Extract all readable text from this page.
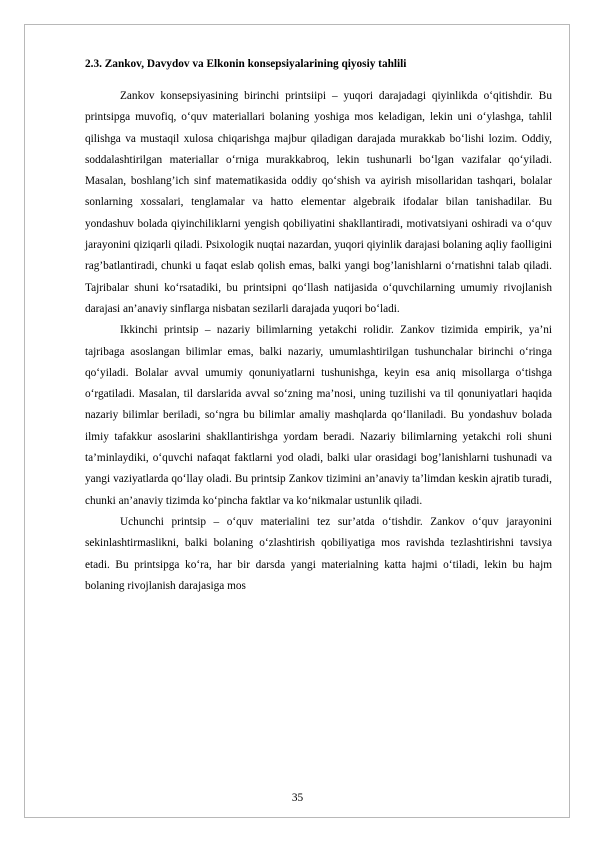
2.3. Zankov, Davydov va Elkonin konsepsiyalarining qiyosiy tahlili

Zankov konsepsiyasining birinchi printsiipi – yuqori darajadagi qiyinlikda o‘qitishdir. Bu printsipga muvofiq, o‘quv materiallari bolaning yoshiga mos keladigan, lekin uni o‘ylashga, tahlil qilishga va mustaqil xulosa chiqarishga majbur qiladigan darajada murakkab bo‘lishi lozim. Oddiy, soddalashtirilgan materiallar o‘rniga murakkabroq, lekin tushunarli bo‘lgan vazifalar qo‘yiladi. Masalan, boshlang’ich sinf matematikasida oddiy qo‘shish va ayirish misollaridan tashqari, bolalar sonlarning xossalari, tenglamalar va hatto elementar algebraik ifodalar bilan tanishadilar. Bu yondashuv bolada qiyinchiliklarni yengish qobiliyatini shakllantiradi, motivatsiyani oshiradi va o‘quv jarayonini qiziqarli qiladi. Psixologik nuqtai nazardan, yuqori qiyinlik darajasi bolaning aqliy faolligini rag’batlantiradi, chunki u faqat eslab qolish emas, balki yangi bog’lanishlarni o‘rnatishni talab qiladi. Tajribalar shuni ko‘rsatadiki, bu printsipni qo‘llash natijasida o‘quvchilarning umumiy rivojlanish darajasi an’anaviy sinflarga nisbatan sezilarli darajada yuqori bo‘ladi.

Ikkinchi printsip – nazariy bilimlarning yetakchi rolidir. Zankov tizimida empirik, ya’ni tajribaga asoslangan bilimlar emas, balki nazariy, umumlashtirilgan tushunchalar birinchi o‘ringa qo‘yiladi. Bolalar avval umumiy qonuniyatlarni tushunishga, keyin esa aniq misollarga o‘tishga o‘rgatiladi. Masalan, til darslarida avval so‘zning ma’nosi, uning tuzilishi va til qonuniyatlari haqida nazariy bilimlar beriladi, so‘ngra bu bilimlar amaliy mashqlarda qo‘llaniladi. Bu yondashuv bolada ilmiy tafakkur asoslarini shakllantirishga yordam beradi. Nazariy bilimlarning yetakchi roli shuni ta’minlaydiki, o‘quvchi nafaqat faktlarni yod oladi, balki ular orasidagi bog’lanishlarni tushunadi va yangi vaziyatlarda qo‘llay oladi. Bu printsip Zankov tizimini an’anaviy ta’limdan keskin ajratib turadi, chunki an’anaviy tizimda ko‘pincha faktlar va ko‘nikmalar ustunlik qiladi.

Uchunchi printsip – o‘quv materialini tez sur’atda o‘tishdir. Zankov o‘quv jarayonini sekinlashtirmaslikni, balki bolaning o‘zlashtirish qobiliyatiga mos ravishda tezlashtirishni tavsiya etadi. Bu printsipga ko‘ra, har bir darsda yangi materialning katta hajmi o‘tiladi, lekin bu hajm bolaning rivojlanish darajasiga mos

35
